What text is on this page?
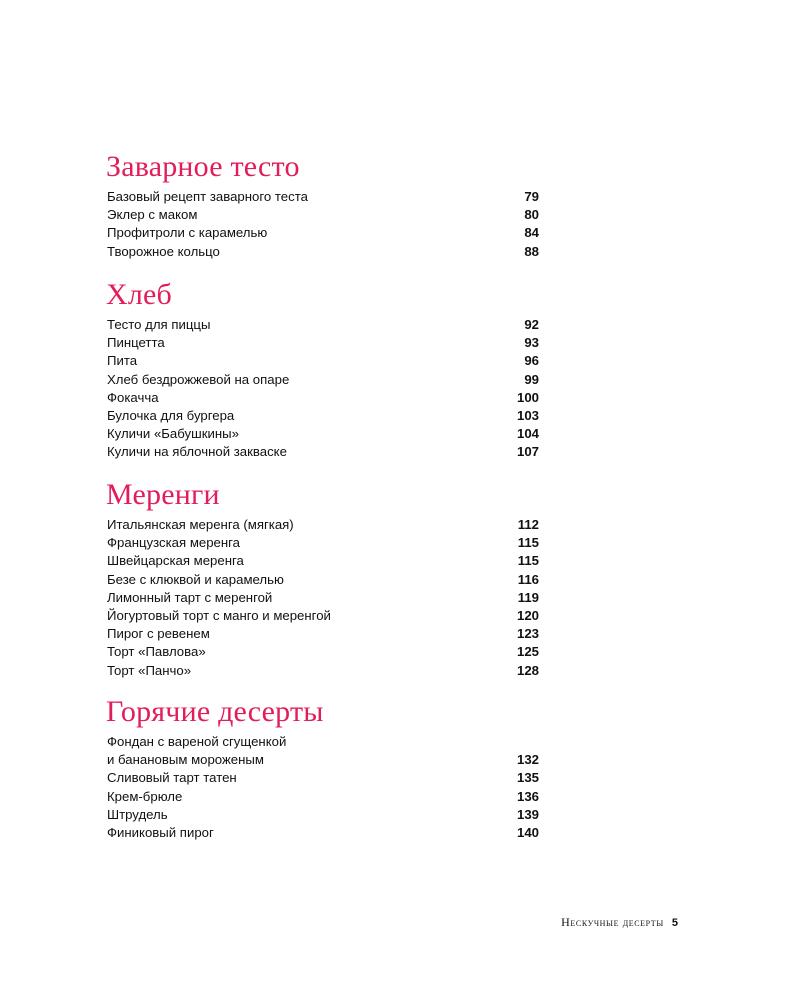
Заварное тесто
Базовый рецепт заварного теста	79
Эклер с маком	80
Профитроли с карамелью	84
Творожное кольцо	88
Хлеб
Тесто для пиццы	92
Пинцетта	93
Пита	96
Хлеб бездрожжевой на опаре	99
Фокачча	100
Булочка для бургера	103
Куличи «Бабушкины»	104
Куличи на яблочной закваске	107
Меренги
Итальянская меренга (мягкая)	112
Французская меренга	115
Швейцарская меренга	115
Безе с клюквой и карамелью	116
Лимонный тарт с меренгой	119
Йогуртовый торт с манго и меренгой	120
Пирог с ревенем	123
Торт «Павлова»	125
Торт «Панчо»	128
Горячие десерты
Фондан с вареной сгущенкой
и банановым мороженым	132
Сливовый тарт татен	135
Крем-брюле	136
Штрудель	139
Финиковый пирог	140
Нескучные десерты 5
